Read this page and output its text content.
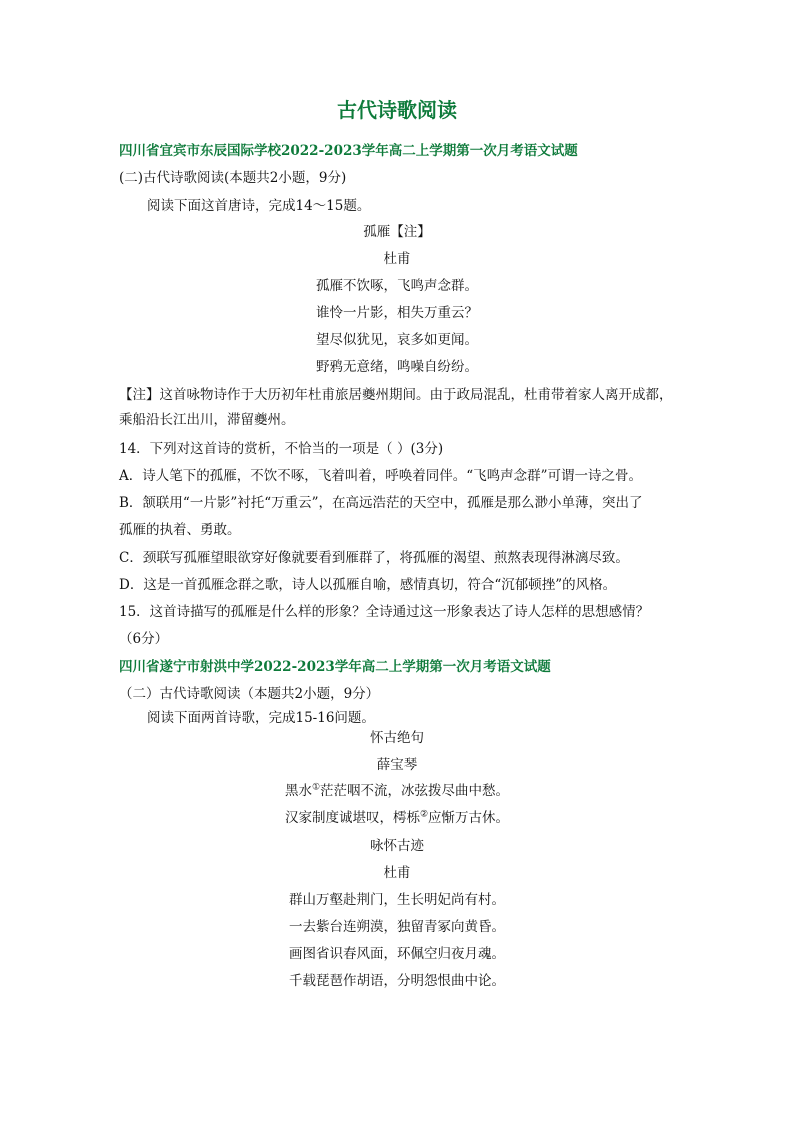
古代诗歌阅读
四川省宜宾市东辰国际学校2022-2023学年高二上学期第一次月考语文试题
(二)古代诗歌阅读(本题共2小题，9分)
阅读下面这首唐诗，完成14～15题。
孤雁【注】
杜甫
孤雁不饮啄，飞鸣声念群。
谁怜一片影，相失万重云？
望尽似犹见，哀多如更闻。
野鸦无意绪，鸣噪自纷纷。
【注】这首咏物诗作于大历初年杜甫旅居夔州期间。由于政局混乱，杜甫带着家人离开成都，
乘船沿长江出川，滞留夔州。
14．下列对这首诗的赏析，不恰当的一项是（ ）(3分)
A．诗人笔下的孤雁，不饮不啄，飞着叫着，呼唤着同伴。“飞鸣声念群”可谓一诗之骨。
B．颔联用“一片影”衬托“万重云”，在高远浩茫的天空中，孤雁是那么渺小单薄，突出了
孤雁的执着、勇敢。
C．颈联写孤雁望眼欲穿好像就要看到雁群了，将孤雁的渴望、煎熬表现得淋漓尽致。
D．这是一首孤雁念群之歌，诗人以孤雁自喻，感情真切，符合“沉郁顿挫”的风格。
15．这首诗描写的孤雁是什么样的形象？全诗通过这一形象表达了诗人怎样的思想感情？
（6分）
四川省遂宁市射洪中学2022-2023学年高二上学期第一次月考语文试题
（二）古代诗歌阅读（本题共2小题，9分）
阅读下面两首诗歌，完成15-16问题。
怀古绝句
薛宝琴
黑水①茫茫咽不流，冰弦拨尽曲中愁。
汉家制度诚堪叹，樗栎②应惭万古休。
咏怀古迹
杜甫
群山万壑赴荆门，生长明妃尚有村。
一去紫台连朔漠，独留青冢向黄昏。
画图省识春风面，环佩空归夜月魂。
千载琵琶作胡语，分明怨恨曲中论。
